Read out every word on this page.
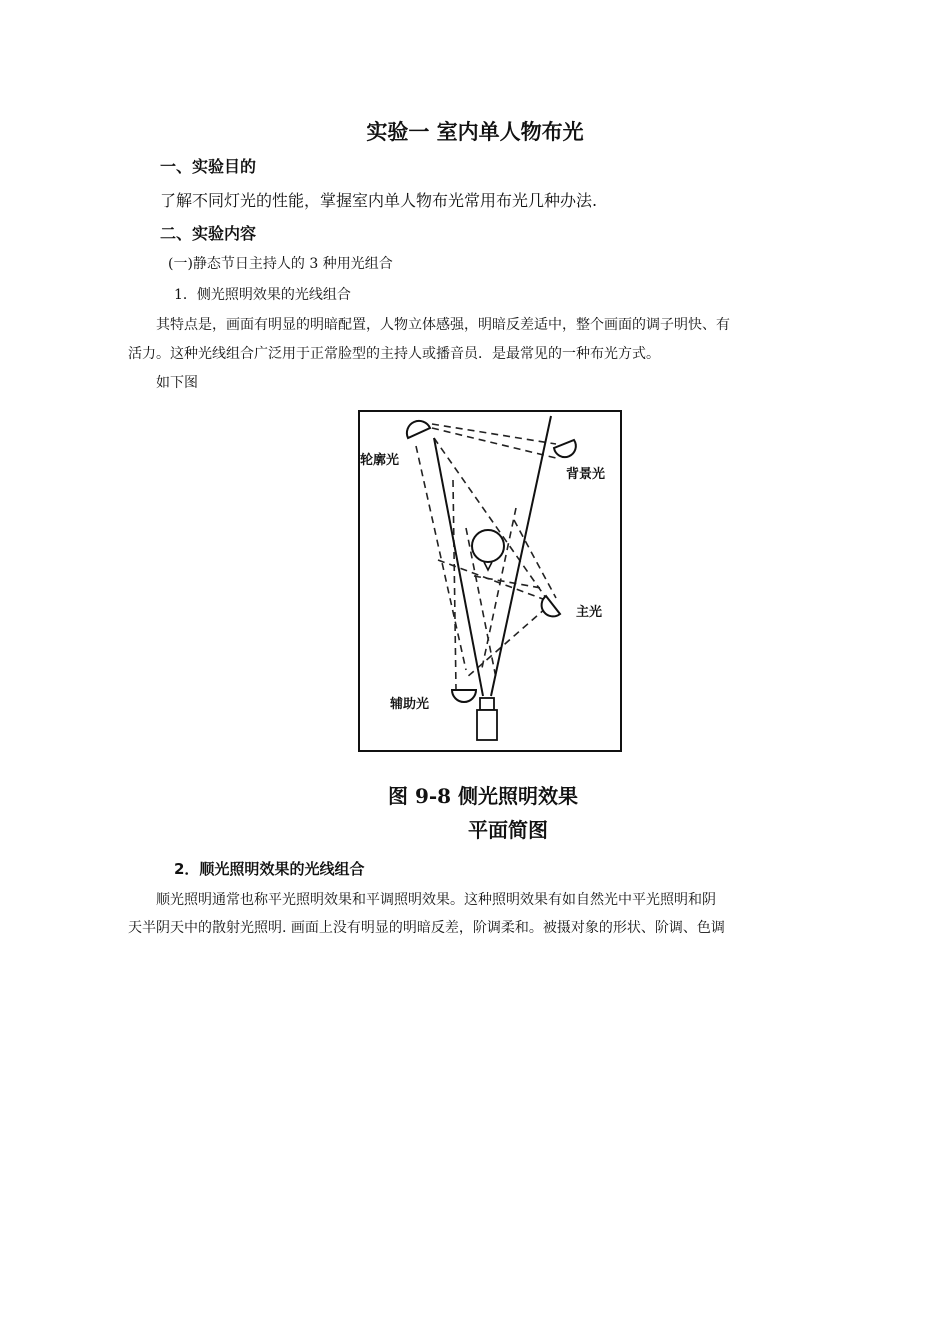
实验一 室内单人物布光
一、实验目的
了解不同灯光的性能，掌握室内单人物布光常用布光几种办法.
二、实验内容
(一)静态节日主持人的 3 种用光组合
1．侧光照明效果的光线组合
其特点是，画面有明显的明暗配置，人物立体感强，明暗反差适中，整个画面的调子明快、有
活力。这种光线组合广泛用于正常脸型的主持人或播音员．是最常见的一种布光方式。
如下图
轮廓光
背景光
主光
辅助光
图 9-8 侧光照明效果
平面简图
2．顺光照明效果的光线组合
顺光照明通常也称平光照明效果和平调照明效果。这种照明效果有如自然光中平光照明和阴
天半阴天中的散射光照明. 画面上没有明显的明暗反差，阶调柔和。被摄对象的形状、阶调、色调
